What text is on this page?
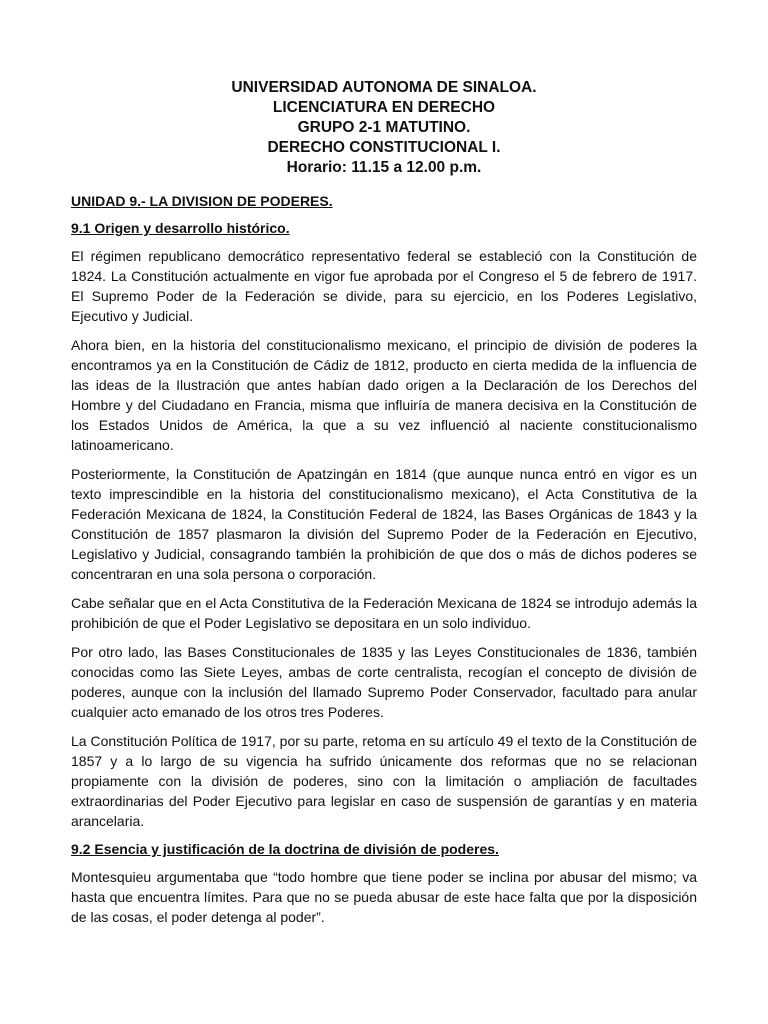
UNIVERSIDAD AUTONOMA DE SINALOA.
LICENCIATURA EN DERECHO
GRUPO 2-1 MATUTINO.
DERECHO CONSTITUCIONAL I.
Horario: 11.15 a 12.00 p.m.
UNIDAD 9.- LA DIVISION DE PODERES.
9.1 Origen y desarrollo histórico.

El régimen republicano democrático representativo federal se estableció con la Constitución de 1824. La Constitución actualmente en vigor fue aprobada por el Congreso el 5 de febrero de 1917. El Supremo Poder de la Federación se divide, para su ejercicio, en los Poderes Legislativo, Ejecutivo y Judicial.

Ahora bien, en la historia del constitucionalismo mexicano, el principio de división de poderes la encontramos ya en la Constitución de Cádiz de 1812, producto en cierta medida de la influencia de las ideas de la Ilustración que antes habían dado origen a la Declaración de los Derechos del Hombre y del Ciudadano en Francia, misma que influiría de manera decisiva en la Constitución de los Estados Unidos de América, la que a su vez influenció al naciente constitucionalismo latinoamericano.

Posteriormente, la Constitución de Apatzingán en 1814 (que aunque nunca entró en vigor es un texto imprescindible en la historia del constitucionalismo mexicano), el Acta Constitutiva de la Federación Mexicana de 1824, la Constitución Federal de 1824, las Bases Orgánicas de 1843 y la Constitución de 1857 plasmaron la división del Supremo Poder de la Federación en Ejecutivo, Legislativo y Judicial, consagrando también la prohibición de que dos o más de dichos poderes se concentraran en una sola persona o corporación.

Cabe señalar que en el Acta Constitutiva de la Federación Mexicana de 1824 se introdujo además la prohibición de que el Poder Legislativo se depositara en un solo individuo.

Por otro lado, las Bases Constitucionales de 1835 y las Leyes Constitucionales de 1836, también conocidas como las Siete Leyes, ambas de corte centralista, recogían el concepto de división de poderes, aunque con la inclusión del llamado Supremo Poder Conservador, facultado para anular cualquier acto emanado de los otros tres Poderes.

La Constitución Política de 1917, por su parte, retoma en su artículo 49 el texto de la Constitución de 1857 y a lo largo de su vigencia ha sufrido únicamente dos reformas que no se relacionan propiamente con la división de poderes, sino con la limitación o ampliación de facultades extraordinarias del Poder Ejecutivo para legislar en caso de suspensión de garantías y en materia arancelaria.

9.2 Esencia y justificación de la doctrina de división de poderes.

Montesquieu argumentaba que “todo hombre que tiene poder se inclina por abusar del mismo; va hasta que encuentra límites. Para que no se pueda abusar de este hace falta que por la disposición de las cosas, el poder detenga al poder”.
